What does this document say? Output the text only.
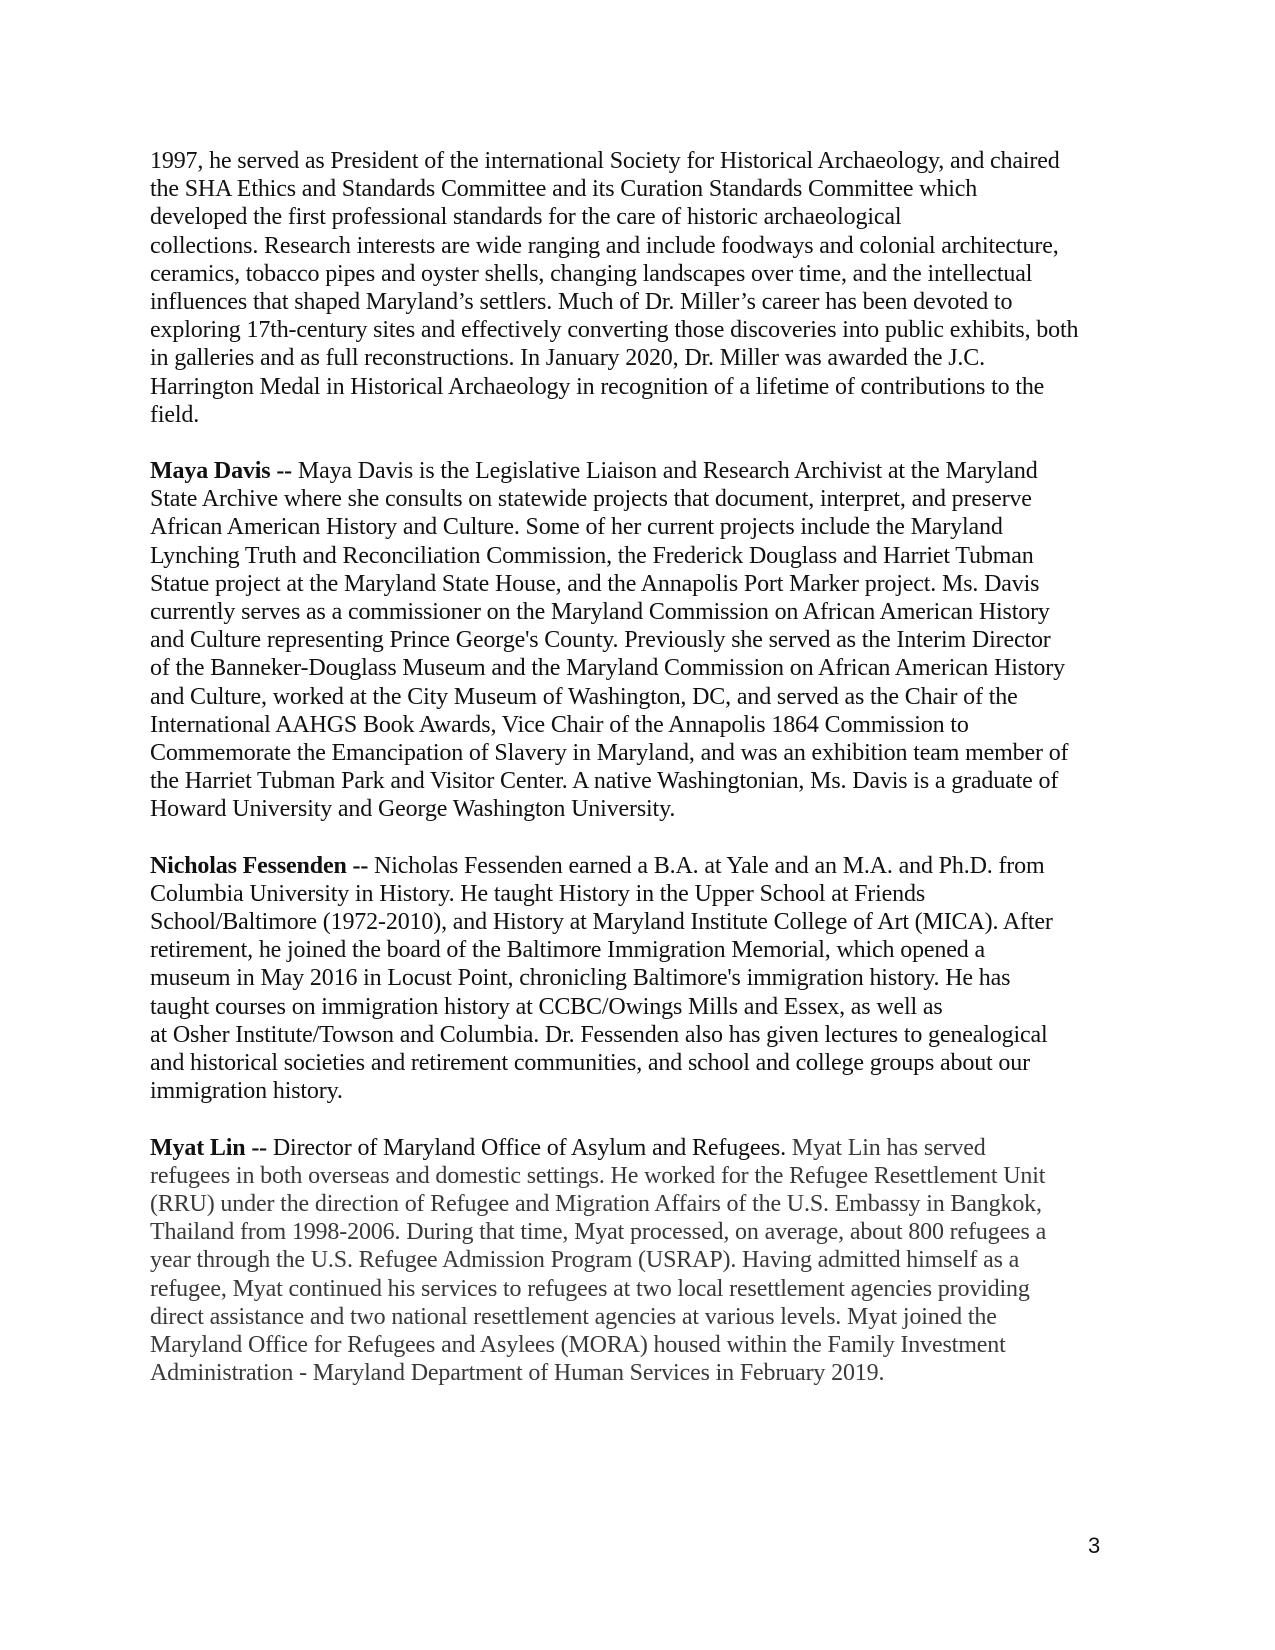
1997, he served as President of the international Society for Historical Archaeology, and chaired
the SHA Ethics and Standards Committee and its Curation Standards Committee which
developed the first professional standards for the care of historic archaeological
collections. Research interests are wide ranging and include foodways and colonial architecture,
ceramics, tobacco pipes and oyster shells, changing landscapes over time, and the intellectual
influences that shaped Maryland’s settlers. Much of Dr. Miller’s career has been devoted to
exploring 17th-century sites and effectively converting those discoveries into public exhibits, both
in galleries and as full reconstructions. In January 2020, Dr. Miller was awarded the J.C.
Harrington Medal in Historical Archaeology in recognition of a lifetime of contributions to the
field.
Maya Davis -- Maya Davis is the Legislative Liaison and Research Archivist at the Maryland
State Archive where she consults on statewide projects that document, interpret, and preserve
African American History and Culture. Some of her current projects include the Maryland
Lynching Truth and Reconciliation Commission, the Frederick Douglass and Harriet Tubman
Statue project at the Maryland State House, and the Annapolis Port Marker project. Ms. Davis
currently serves as a commissioner on the Maryland Commission on African American History
and Culture representing Prince George's County. Previously she served as the Interim Director
of the Banneker-Douglass Museum and the Maryland Commission on African American History
and Culture, worked at the City Museum of Washington, DC, and served as the Chair of the
International AAHGS Book Awards, Vice Chair of the Annapolis 1864 Commission to
Commemorate the Emancipation of Slavery in Maryland, and was an exhibition team member of
the Harriet Tubman Park and Visitor Center. A native Washingtonian, Ms. Davis is a graduate of
Howard University and George Washington University.
Nicholas Fessenden -- Nicholas Fessenden earned a B.A. at Yale and an M.A. and Ph.D. from
Columbia University in History. He taught History in the Upper School at Friends
School/Baltimore (1972-2010), and History at Maryland Institute College of Art (MICA). After
retirement, he joined the board of the Baltimore Immigration Memorial, which opened a
museum in May 2016 in Locust Point, chronicling Baltimore's immigration history. He has
taught courses on immigration history at CCBC/Owings Mills and Essex, as well as
at Osher Institute/Towson and Columbia. Dr. Fessenden also has given lectures to genealogical
and historical societies and retirement communities, and school and college groups about our
immigration history.
Myat Lin -- Director of Maryland Office of Asylum and Refugees. Myat Lin has served
refugees in both overseas and domestic settings. He worked for the Refugee Resettlement Unit
(RRU) under the direction of Refugee and Migration Affairs of the U.S. Embassy in Bangkok,
Thailand from 1998-2006. During that time, Myat processed, on average, about 800 refugees a
year through the U.S. Refugee Admission Program (USRAP). Having admitted himself as a
refugee, Myat continued his services to refugees at two local resettlement agencies providing
direct assistance and two national resettlement agencies at various levels. Myat joined the
Maryland Office for Refugees and Asylees (MORA) housed within the Family Investment
Administration - Maryland Department of Human Services in February 2019.
3
